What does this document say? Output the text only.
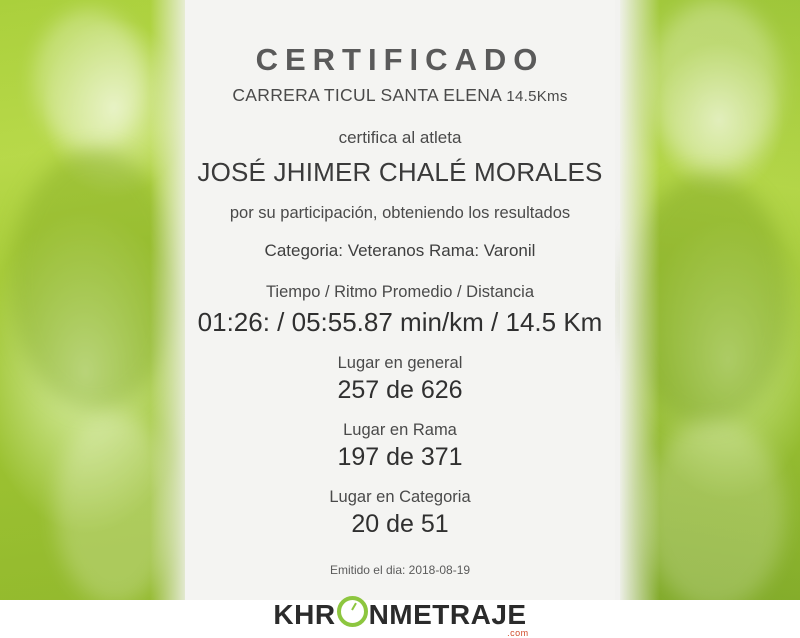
CERTIFICADO
CARRERA TICUL SANTA ELENA 14.5Kms
certifica al atleta
JOSÉ JHIMER CHALÉ MORALES
por su participación, obteniendo los resultados
Categoria: Veteranos Rama: Varonil
Tiempo / Ritmo Promedio / Distancia
01:26: / 05:55.87 min/km / 14.5 Km
Lugar en general
257 de 626
Lugar en Rama
197 de 371
Lugar en Categoria
20 de 51
Emitido el dia: 2018-08-19
KHR NMETRAJE
.com
